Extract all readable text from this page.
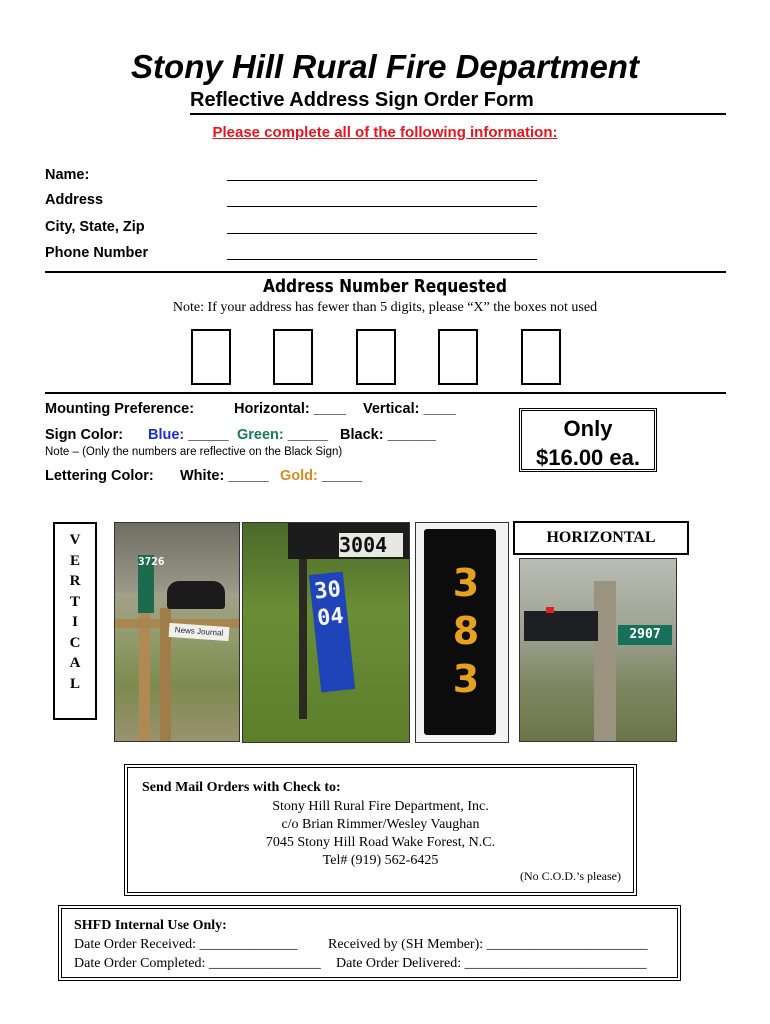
Stony Hill Rural Fire Department
Reflective Address Sign Order Form
Please complete all of the following information:
Name:
Address
City, State, Zip
Phone Number
Address Number Requested
Note: If your address has fewer than 5 digits, please “X” the boxes not used
Mounting Preference:	Horizontal: ____ Vertical: ____
Sign Color: Blue: _____ Green: _____ Black: ______
Note – (Only the numbers are reflective on the Black Sign)
Lettering Color: White: _____ Gold: _____
Only
$16.00 ea.
V
E
R
T
I
C
A
L
3726
News Journal
3004
3004
383
HORIZONTAL
2907
Send Mail Orders with Check to:
Stony Hill Rural Fire Department, Inc.
c/o Brian Rimmer/Wesley Vaughan
7045 Stony Hill Road Wake Forest, N.C.
Tel# (919) 562-6425
(No C.O.D.’s please)
SHFD Internal Use Only:
Date Order Received: ______________ Received by (SH Member): _______________________
Date Order Completed: ________________ Date Order Delivered: __________________________
